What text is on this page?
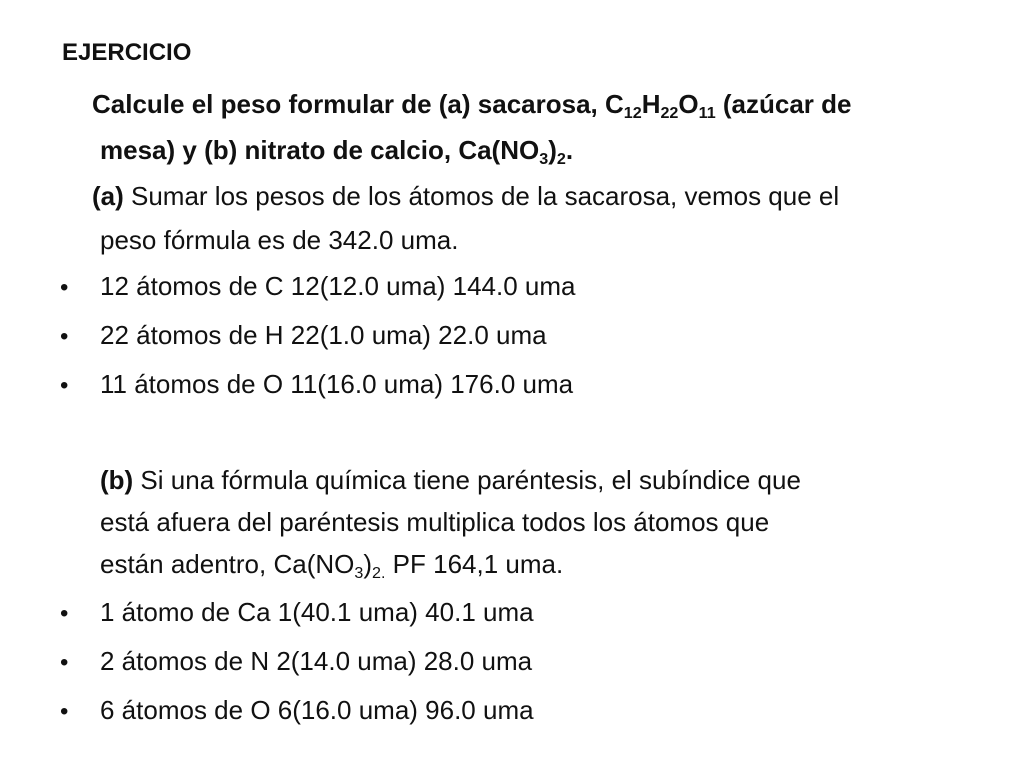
EJERCICIO
Calcule el peso formular de (a) sacarosa, $C_{12}H_{22}O_{11}$ (azúcar de
mesa) y (b) nitrato de calcio, $Ca(NO_3)_2$.
(a) Sumar los pesos de los átomos de la sacarosa, vemos que el
peso fórmula es de 342.0 uma.
• 12 átomos de C 12(12.0 uma) 144.0 uma
• 22 átomos de H 22(1.0 uma) 22.0 uma
• 11 átomos de O 11(16.0 uma) 176.0 uma
(b) Si una fórmula química tiene paréntesis, el subíndice que
está afuera del paréntesis multiplica todos los átomos que
están adentro, $Ca(NO_3)_{2.}$ PF 164,1 uma.
• 1 átomo de Ca 1(40.1 uma) 40.1 uma
• 2 átomos de N 2(14.0 uma) 28.0 uma
• 6 átomos de O 6(16.0 uma) 96.0 uma
